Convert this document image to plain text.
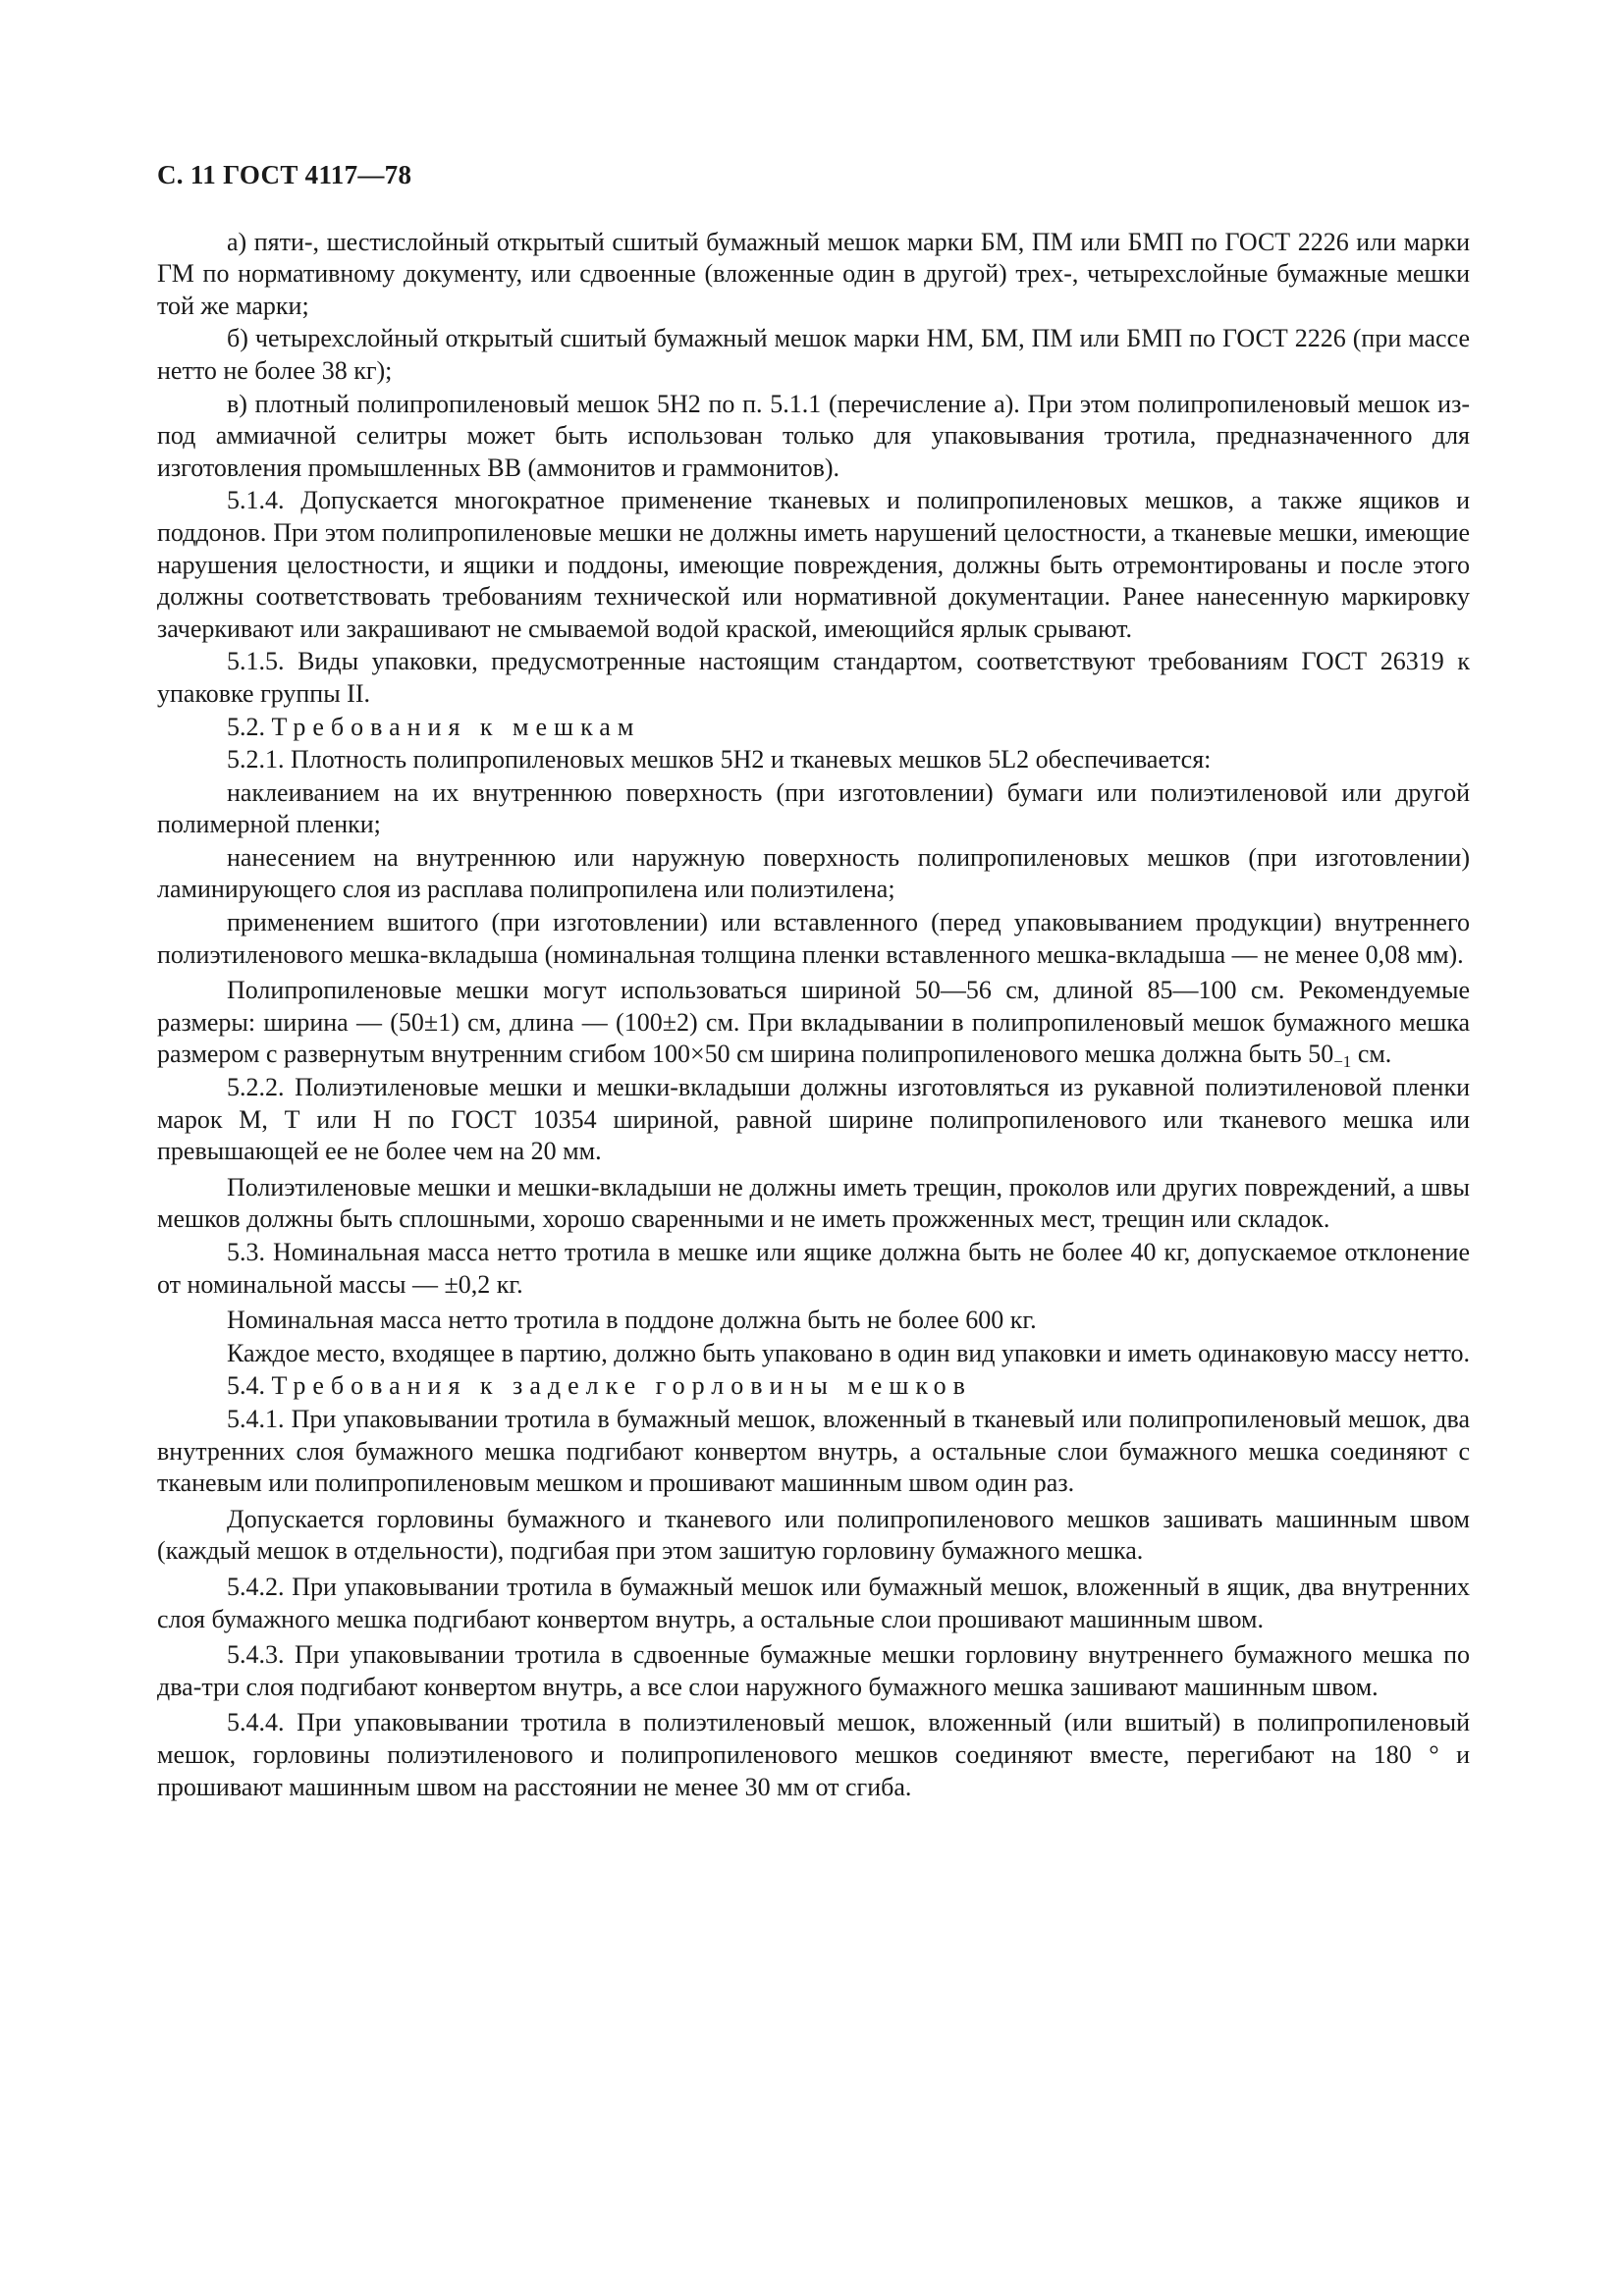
С. 11 ГОСТ 4117—78

а) пяти-, шестислойный открытый сшитый бумажный мешок марки БМ, ПМ или БМП по ГОСТ 2226 или марки ГМ по нормативному документу, или сдвоенные (вложенные один в другой) трех-, четырехслойные бумажные мешки той же марки;

б) четырехслойный открытый сшитый бумажный мешок марки НМ, БМ, ПМ или БМП по ГОСТ 2226 (при массе нетто не более 38 кг);

в) плотный полипропиленовый мешок 5Н2 по п. 5.1.1 (перечисление а). При этом полипропиленовый мешок из-под аммиачной селитры может быть использован только для упаковывания тротила, предназначенного для изготовления промышленных ВВ (аммонитов и граммонитов).

5.1.4. Допускается многократное применение тканевых и полипропиленовых мешков, а также ящиков и поддонов. При этом полипропиленовые мешки не должны иметь нарушений целостности, а тканевые мешки, имеющие нарушения целостности, и ящики и поддоны, имеющие повреждения, должны быть отремонтированы и после этого должны соответствовать требованиям технической или нормативной документации. Ранее нанесенную маркировку зачеркивают или закрашивают не смываемой водой краской, имеющийся ярлык срывают.

5.1.5. Виды упаковки, предусмотренные настоящим стандартом, соответствуют требованиям ГОСТ 26319 к упаковке группы II.

5.2. Требования к мешкам

5.2.1. Плотность полипропиленовых мешков 5Н2 и тканевых мешков 5L2 обеспечивается:

наклеиванием на их внутреннюю поверхность (при изготовлении) бумаги или полиэтиленовой или другой полимерной пленки;

нанесением на внутреннюю или наружную поверхность полипропиленовых мешков (при изготовлении) ламинирующего слоя из расплава полипропилена или полиэтилена;

применением вшитого (при изготовлении) или вставленного (перед упаковыванием продукции) внутреннего полиэтиленового мешка-вкладыша (номинальная толщина пленки вставленного мешка-вкладыша — не менее 0,08 мм).

Полипропиленовые мешки могут использоваться шириной 50—56 см, длиной 85—100 см. Рекомендуемые размеры: ширина — (50±1) см, длина — (100±2) см. При вкладывании в полипропиленовый мешок бумажного мешка размером с развернутым внутренним сгибом 100×50 см ширина полипропиленового мешка должна быть $50_{-1}$ см.

5.2.2. Полиэтиленовые мешки и мешки-вкладыши должны изготовляться из рукавной полиэтиленовой пленки марок М, Т или Н по ГОСТ 10354 шириной, равной ширине полипропиленового или тканевого мешка или превышающей ее не более чем на 20 мм.

Полиэтиленовые мешки и мешки-вкладыши не должны иметь трещин, проколов или других повреждений, а швы мешков должны быть сплошными, хорошо сваренными и не иметь прожженных мест, трещин или складок.

5.3. Номинальная масса нетто тротила в мешке или ящике должна быть не более 40 кг, допускаемое отклонение от номинальной массы — ±0,2 кг.

Номинальная масса нетто тротила в поддоне должна быть не более 600 кг.

Каждое место, входящее в партию, должно быть упаковано в один вид упаковки и иметь одинаковую массу нетто.

5.4. Требования к заделке горловины мешков

5.4.1. При упаковывании тротила в бумажный мешок, вложенный в тканевый или полипропиленовый мешок, два внутренних слоя бумажного мешка подгибают конвертом внутрь, а остальные слои бумажного мешка соединяют с тканевым или полипропиленовым мешком и прошивают машинным швом один раз.

Допускается горловины бумажного и тканевого или полипропиленового мешков зашивать машинным швом (каждый мешок в отдельности), подгибая при этом зашитую горловину бумажного мешка.

5.4.2. При упаковывании тротила в бумажный мешок или бумажный мешок, вложенный в ящик, два внутренних слоя бумажного мешка подгибают конвертом внутрь, а остальные слои прошивают машинным швом.

5.4.3. При упаковывании тротила в сдвоенные бумажные мешки горловину внутреннего бумажного мешка по два-три слоя подгибают конвертом внутрь, а все слои наружного бумажного мешка зашивают машинным швом.

5.4.4. При упаковывании тротила в полиэтиленовый мешок, вложенный (или вшитый) в полипропиленовый мешок, горловины полиэтиленового и полипропиленового мешков соединяют вместе, перегибают на 180 ° и прошивают машинным швом на расстоянии не менее 30 мм от сгиба.
